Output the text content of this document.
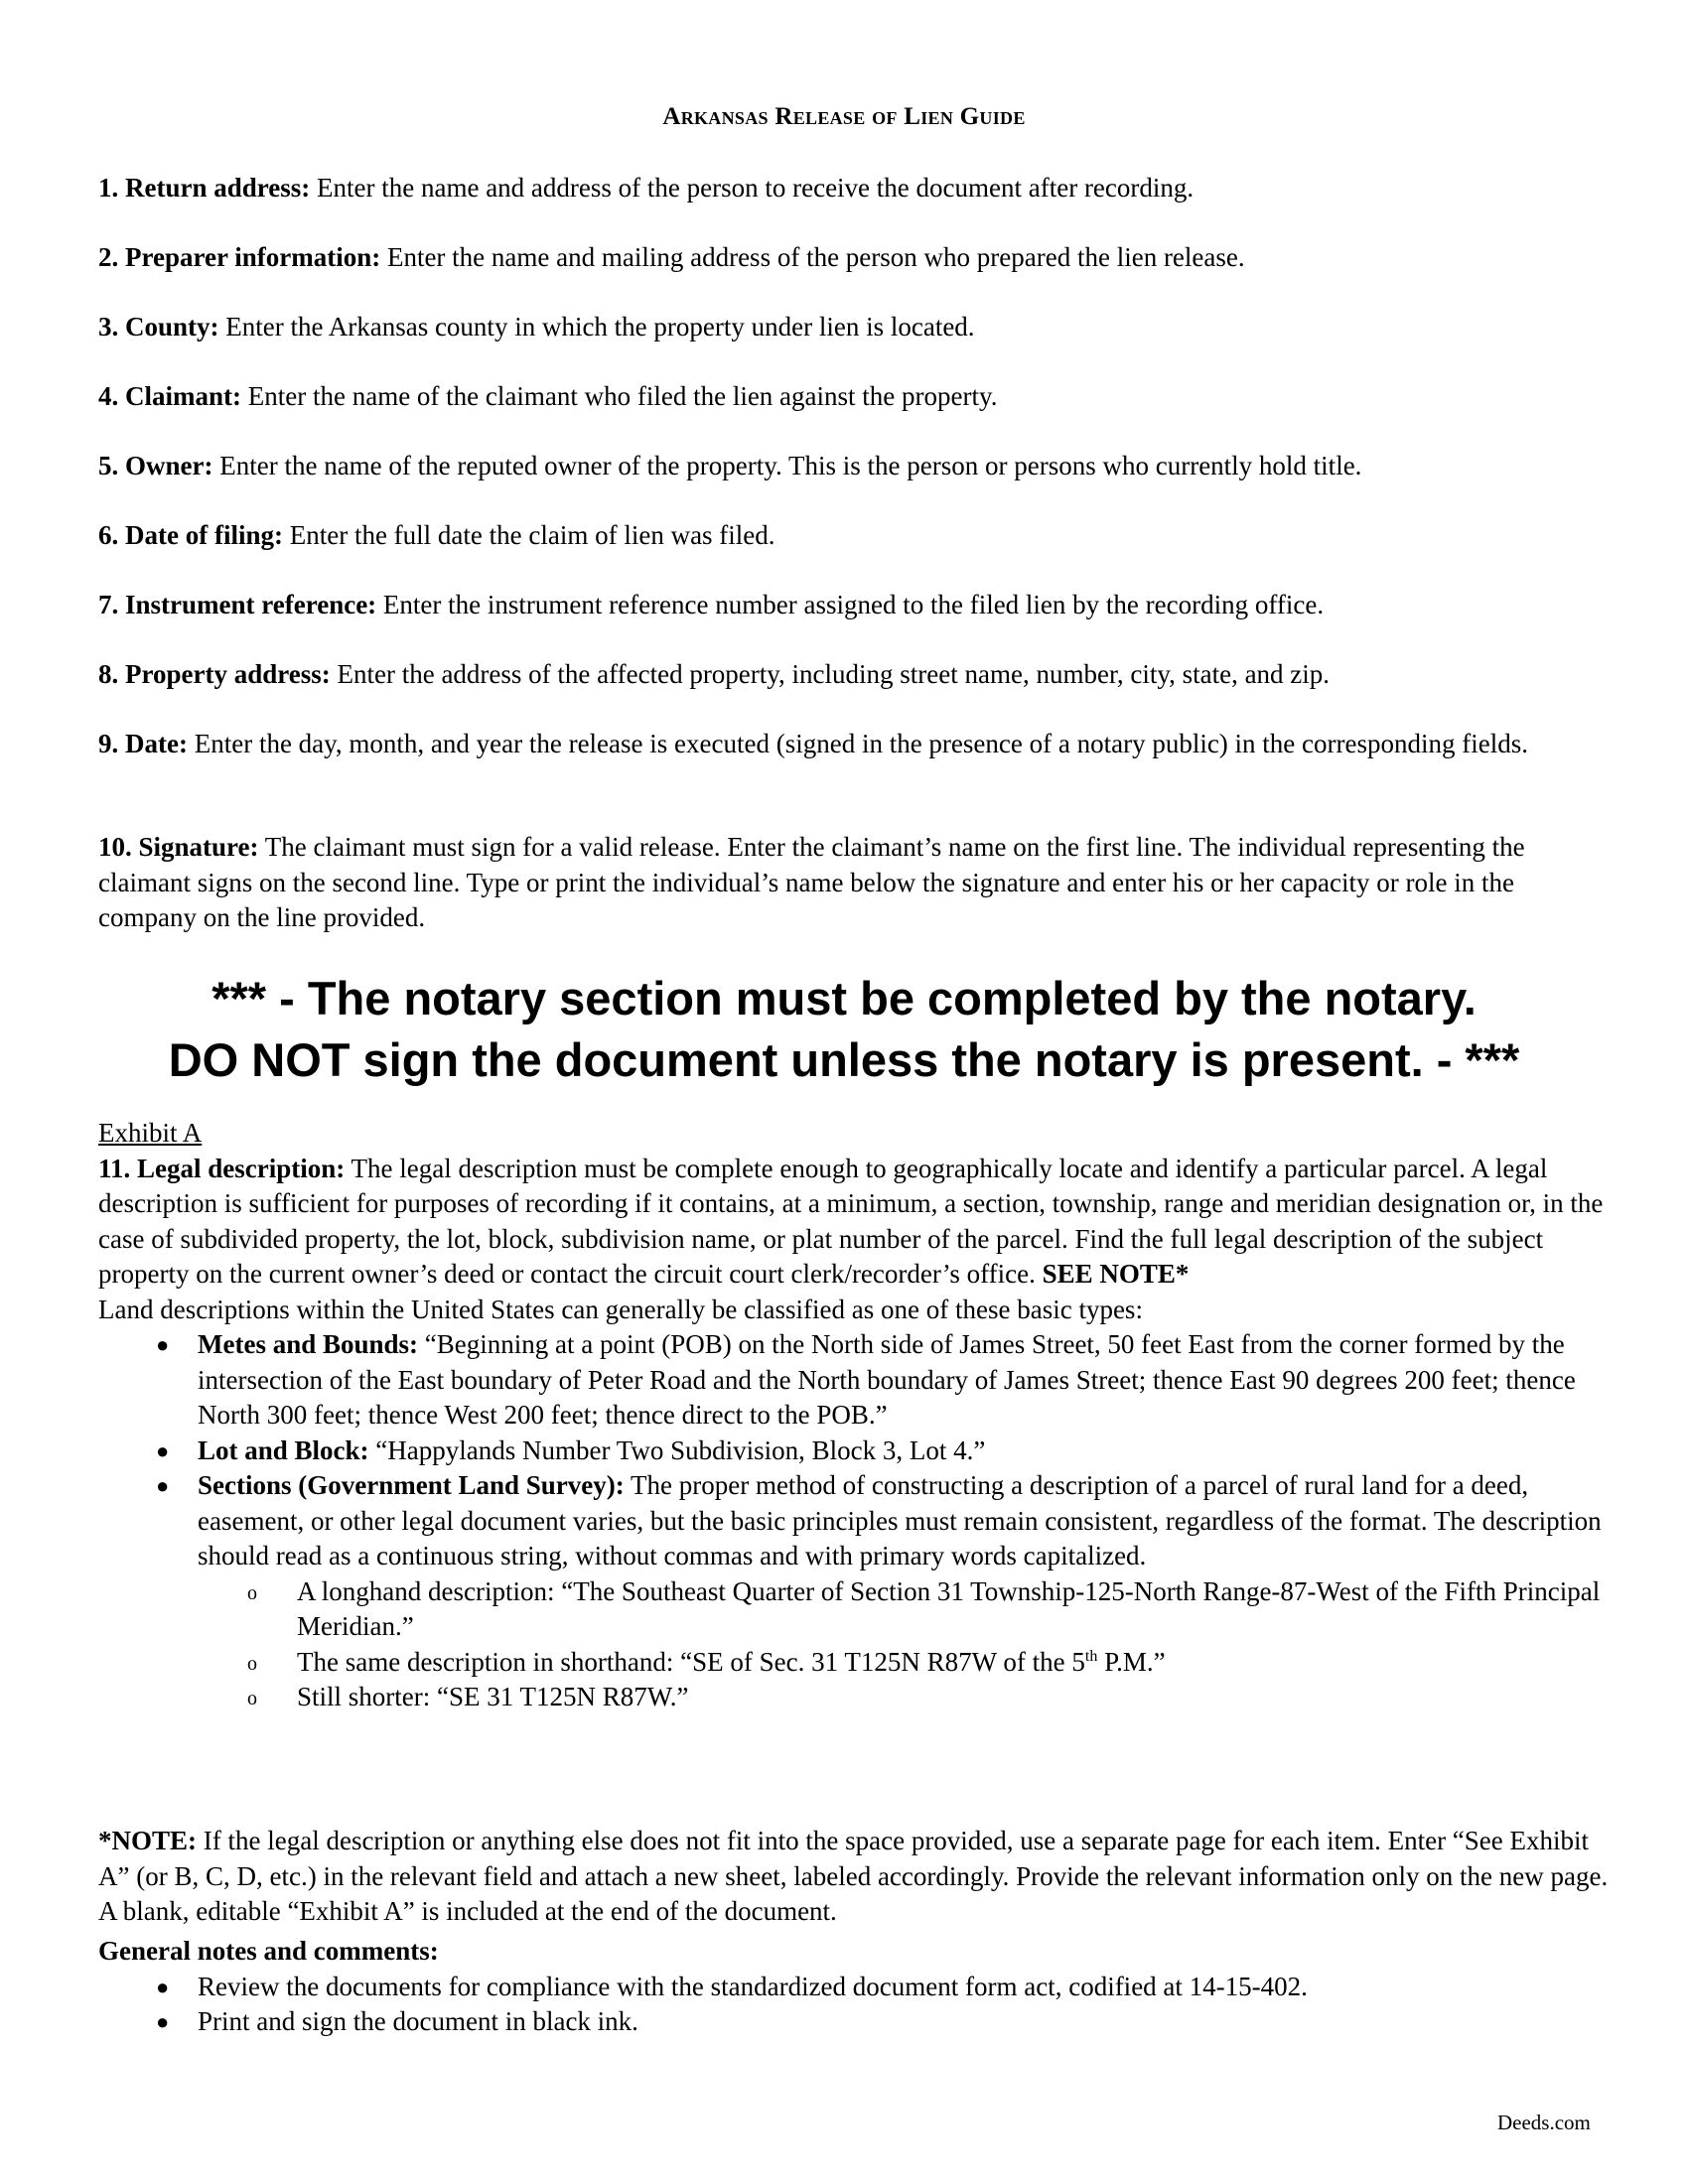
Arkansas Release of Lien Guide
1. Return address: Enter the name and address of the person to receive the document after recording.
2. Preparer information: Enter the name and mailing address of the person who prepared the lien release.
3. County: Enter the Arkansas county in which the property under lien is located.
4. Claimant: Enter the name of the claimant who filed the lien against the property.
5. Owner: Enter the name of the reputed owner of the property. This is the person or persons who currently hold title.
6. Date of filing: Enter the full date the claim of lien was filed.
7. Instrument reference: Enter the instrument reference number assigned to the filed lien by the recording office.
8. Property address: Enter the address of the affected property, including street name, number, city, state, and zip.
9. Date: Enter the day, month, and year the release is executed (signed in the presence of a notary public) in the corresponding fields.
10. Signature: The claimant must sign for a valid release. Enter the claimant’s name on the first line. The individual representing the claimant signs on the second line. Type or print the individual’s name below the signature and enter his or her capacity or role in the company on the line provided.
*** - The notary section must be completed by the notary.
DO NOT sign the document unless the notary is present. - ***
Exhibit A
11. Legal description: The legal description must be complete enough to geographically locate and identify a particular parcel. A legal description is sufficient for purposes of recording if it contains, at a minimum, a section, township, range and meridian designation or, in the case of subdivided property, the lot, block, subdivision name, or plat number of the parcel. Find the full legal description of the subject property on the current owner’s deed or contact the circuit court clerk/recorder’s office. SEE NOTE*
Land descriptions within the United States can generally be classified as one of these basic types:
● Metes and Bounds: “Beginning at a point (POB) on the North side of James Street, 50 feet East from the corner formed by the intersection of the East boundary of Peter Road and the North boundary of James Street; thence East 90 degrees 200 feet; thence North 300 feet; thence West 200 feet; thence direct to the POB.”
● Lot and Block: “Happylands Number Two Subdivision, Block 3, Lot 4.”
● Sections (Government Land Survey): The proper method of constructing a description of a parcel of rural land for a deed, easement, or other legal document varies, but the basic principles must remain consistent, regardless of the format. The description should read as a continuous string, without commas and with primary words capitalized.
o A longhand description: “The Southeast Quarter of Section 31 Township-125-North Range-87-West of the Fifth Principal Meridian.”
o The same description in shorthand: “SE of Sec. 31 T125N R87W of the 5th P.M.”
o Still shorter: “SE 31 T125N R87W.”
*NOTE: If the legal description or anything else does not fit into the space provided, use a separate page for each item. Enter “See Exhibit A” (or B, C, D, etc.) in the relevant field and attach a new sheet, labeled accordingly. Provide the relevant information only on the new page. A blank, editable “Exhibit A” is included at the end of the document.
General notes and comments:
● Review the documents for compliance with the standardized document form act, codified at 14-15-402.
● Print and sign the document in black ink.
Deeds.com
